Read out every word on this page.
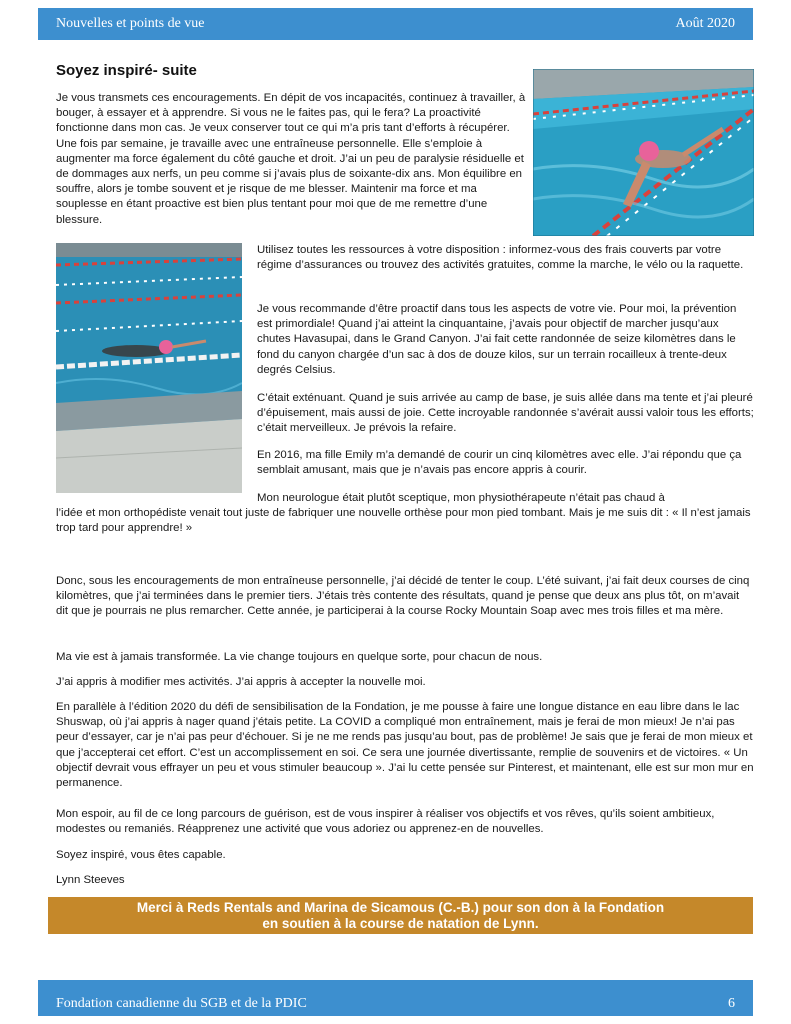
Nouvelles et points de vue	Août 2020
Soyez inspiré- suite

Je vous transmets ces encouragements. En dépit de vos incapacités, continuez à travailler, à bouger, à essayer et à apprendre. Si vous ne le faites pas, qui le fera? La proactivité fonctionne dans mon cas. Je veux conserver tout ce qui m’a pris tant d’efforts à récupérer. Une fois par semaine, je travaille avec une entraîneuse personnelle. Elle s’emploie à augmenter ma force également du côté gauche et droit. J’ai un peu de paralysie résiduelle et de dommages aux nerfs, un peu comme si j’avais plus de soixante-dix ans. Mon équilibre en souffre, alors je tombe souvent et je risque de me blesser. Maintenir ma force et ma souplesse en étant proactive est bien plus tentant pour moi que de me remettre d’une blessure.

Utilisez toutes les ressources à votre disposition : informez-vous des frais couverts par votre régime d’assurances ou trouvez des activités gratuites, comme la marche, le vélo ou la raquette.

Je vous recommande d’être proactif dans tous les aspects de votre vie. Pour moi, la prévention est primordiale! Quand j’ai atteint la cinquantaine, j’avais pour objectif de marcher jusqu’aux chutes Havasupai, dans le Grand Canyon. J’ai fait cette randonnée de seize kilomètres dans le fond du canyon chargée d’un sac à dos de douze kilos, sur un terrain rocailleux à trente-deux degrés Celsius.

C’était exténuant. Quand je suis arrivée au camp de base, je suis allée dans ma tente et j’ai pleuré d’épuisement, mais aussi de joie. Cette incroyable randonnée s’avérait aussi valoir tous les efforts; c’était merveilleux. Je prévois la refaire.

En 2016, ma fille Emily m’a demandé de courir un cinq kilomètres avec elle. J’ai répondu que ça semblait amusant, mais que je n’avais pas encore appris à courir.

Mon neurologue était plutôt sceptique, mon physiothérapeute n’était pas chaud à

l’idée et mon orthopédiste venait tout juste de fabriquer une nouvelle orthèse pour mon pied tombant. Mais je me suis dit : « Il n’est jamais trop tard pour apprendre! »

Donc, sous les encouragements de mon entraîneuse personnelle, j’ai décidé de tenter le coup. L’été suivant, j’ai fait deux courses de cinq kilomètres, que j’ai terminées dans le premier tiers. J’étais très contente des résultats, quand je pense que deux ans plus tôt, on m’avait dit que je pourrais ne plus remarcher. Cette année, je participerai à la course Rocky Mountain Soap avec mes trois filles et ma mère.

Ma vie est à jamais transformée. La vie change toujours en quelque sorte, pour chacun de nous.

J’ai appris à modifier mes activités. J’ai appris à accepter la nouvelle moi.

En parallèle à l’édition 2020 du défi de sensibilisation de la Fondation, je me pousse à faire une longue distance en eau libre dans le lac Shuswap, où j’ai appris à nager quand j’étais petite. La COVID a compliqué mon entraînement, mais je ferai de mon mieux! Je n’ai pas peur d’essayer, car je n’ai pas peur d’échouer. Si je ne me rends pas jusqu’au bout, pas de problème! Je sais que je ferai de mon mieux et que j’accepterai cet effort. C’est un accomplissement en soi. Ce sera une journée divertissante, remplie de souvenirs et de victoires. « Un objectif devrait vous effrayer un peu et vous stimuler beaucoup ». J’ai lu cette pensée sur Pinterest, et maintenant, elle est sur mon mur en permanence.

Mon espoir, au fil de ce long parcours de guérison, est de vous inspirer à réaliser vos objectifs et vos rêves, qu’ils soient ambitieux, modestes ou remaniés. Réapprenez une activité que vous adoriez ou apprenez-en de nouvelles.

Soyez inspiré, vous êtes capable.

Lynn Steeves

Merci à Reds Rentals and Marina de Sicamous (C.-B.) pour son don à la Fondation
en soutien à la course de natation de Lynn.
Fondation canadienne du SGB et de la PDIC	6
